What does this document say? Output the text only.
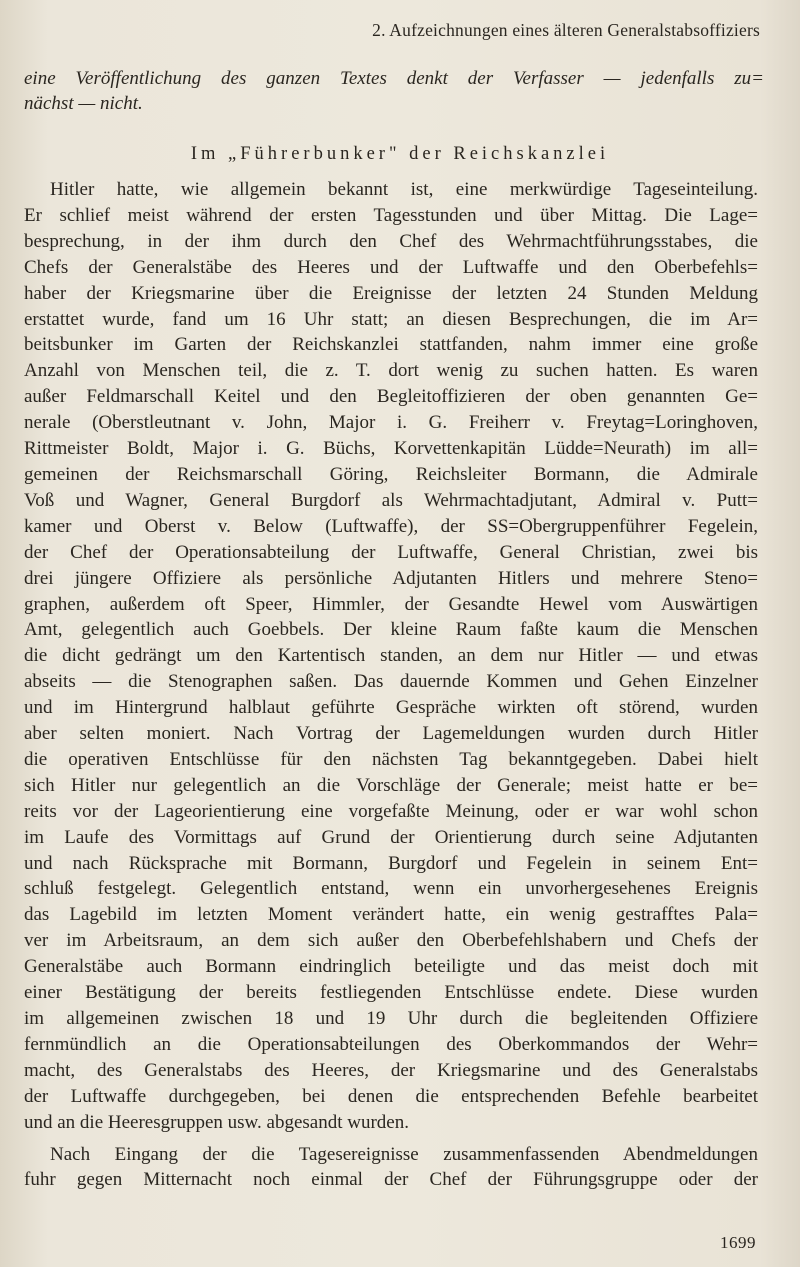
2. Aufzeichnungen eines älteren Generalstabsoffiziers

eine Veröffentlichung des ganzen Textes denkt der Verfasser — jedenfalls zu=
nächst — nicht.

Im „Führerbunker" der Reichskanzlei
Hitler hatte, wie allgemein bekannt ist, eine merkwürdige Tageseinteilung.
Er schlief meist während der ersten Tagesstunden und über Mittag. Die Lage=
besprechung, in der ihm durch den Chef des Wehrmachtführungsstabes, die
Chefs der Generalstäbe des Heeres und der Luftwaffe und den Oberbefehls=
haber der Kriegsmarine über die Ereignisse der letzten 24 Stunden Meldung
erstattet wurde, fand um 16 Uhr statt; an diesen Besprechungen, die im Ar=
beitsbunker im Garten der Reichskanzlei stattfanden, nahm immer eine große
Anzahl von Menschen teil, die z. T. dort wenig zu suchen hatten. Es waren
außer Feldmarschall Keitel und den Begleitoffizieren der oben genannten Ge=
nerale (Oberstleutnant v. John, Major i. G. Freiherr v. Freytag=Loringhoven,
Rittmeister Boldt, Major i. G. Büchs, Korvettenkapitän Lüdde=Neurath) im all=
gemeinen der Reichsmarschall Göring, Reichsleiter Bormann, die Admirale
Voß und Wagner, General Burgdorf als Wehrmachtadjutant, Admiral v. Putt=
kamer und Oberst v. Below (Luftwaffe), der SS=Obergruppenführer Fegelein,
der Chef der Operationsabteilung der Luftwaffe, General Christian, zwei bis
drei jüngere Offiziere als persönliche Adjutanten Hitlers und mehrere Steno=
graphen, außerdem oft Speer, Himmler, der Gesandte Hewel vom Auswärtigen
Amt, gelegentlich auch Goebbels. Der kleine Raum faßte kaum die Menschen
die dicht gedrängt um den Kartentisch standen, an dem nur Hitler — und etwas
abseits — die Stenographen saßen. Das dauernde Kommen und Gehen Einzelner
und im Hintergrund halblaut geführte Gespräche wirkten oft störend, wurden
aber selten moniert. Nach Vortrag der Lagemeldungen wurden durch Hitler
die operativen Entschlüsse für den nächsten Tag bekanntgegeben. Dabei hielt
sich Hitler nur gelegentlich an die Vorschläge der Generale; meist hatte er be=
reits vor der Lageorientierung eine vorgefaßte Meinung, oder er war wohl schon
im Laufe des Vormittags auf Grund der Orientierung durch seine Adjutanten
und nach Rücksprache mit Bormann, Burgdorf und Fegelein in seinem Ent=
schluß festgelegt. Gelegentlich entstand, wenn ein unvorhergesehenes Ereignis
das Lagebild im letzten Moment verändert hatte, ein wenig gestrafftes Pala=
ver im Arbeitsraum, an dem sich außer den Oberbefehlshabern und Chefs der
Generalstäbe auch Bormann eindringlich beteiligte und das meist doch mit
einer Bestätigung der bereits festliegenden Entschlüsse endete. Diese wurden
im allgemeinen zwischen 18 und 19 Uhr durch die begleitenden Offiziere
fernmündlich an die Operationsabteilungen des Oberkommandos der Wehr=
macht, des Generalstabs des Heeres, der Kriegsmarine und des Generalstabs
der Luftwaffe durchgegeben, bei denen die entsprechenden Befehle bearbeitet
und an die Heeresgruppen usw. abgesandt wurden.
Nach Eingang der die Tagesereignisse zusammenfassenden Abendmeldungen
fuhr gegen Mitternacht noch einmal der Chef der Führungsgruppe oder der
1699
